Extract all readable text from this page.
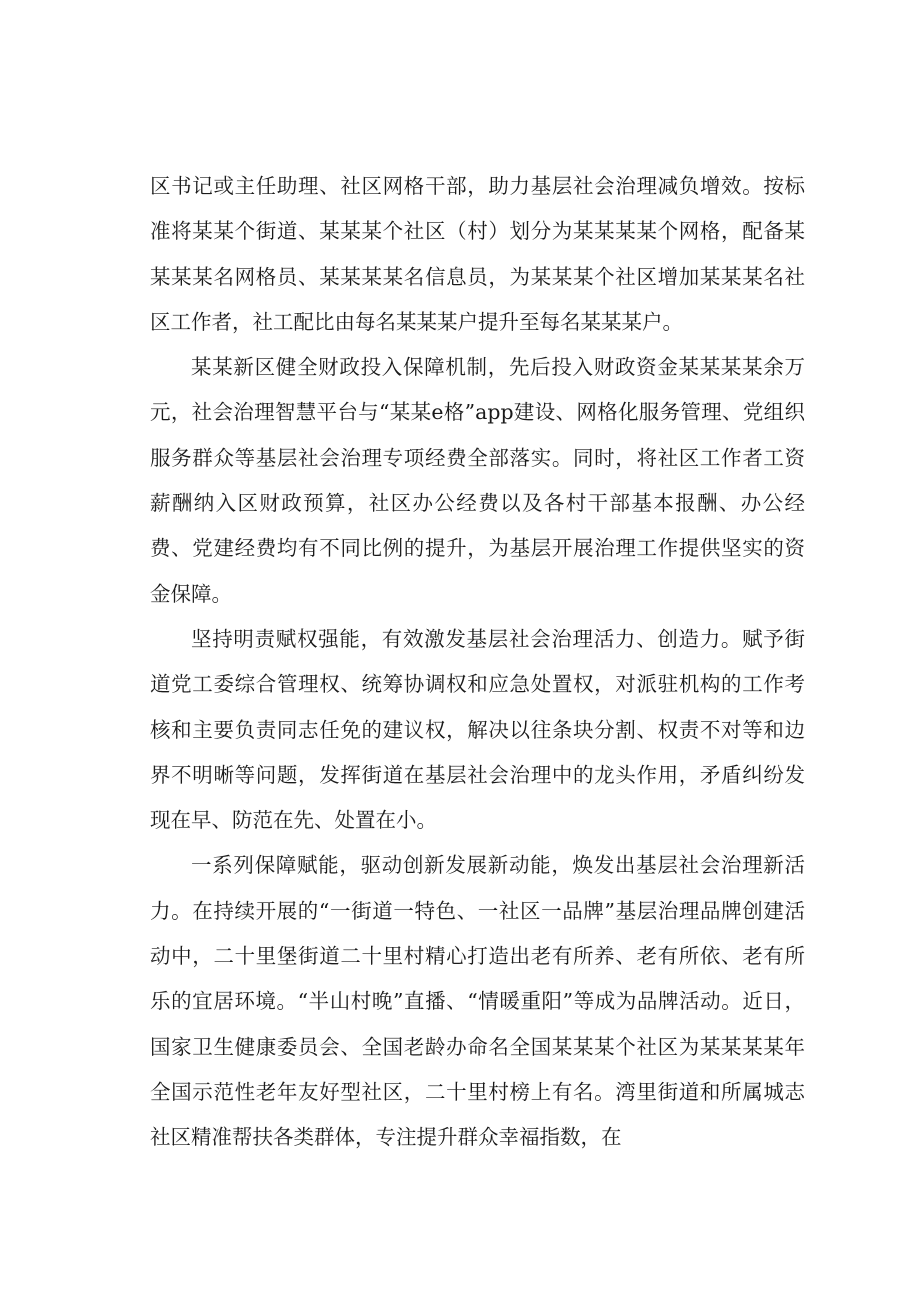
区书记或主任助理、社区网格干部，助力基层社会治理减负增效。按标准将某某个街道、某某某个社区（村）划分为某某某某个网格，配备某某某某名网格员、某某某某名信息员，为某某某个社区增加某某某名社区工作者，社工配比由每名某某某户提升至每名某某某户。

某某新区健全财政投入保障机制，先后投入财政资金某某某某余万元，社会治理智慧平台与“某某e格”app建设、网格化服务管理、党组织服务群众等基层社会治理专项经费全部落实。同时，将社区工作者工资薪酬纳入区财政预算，社区办公经费以及各村干部基本报酬、办公经费、党建经费均有不同比例的提升，为基层开展治理工作提供坚实的资金保障。

坚持明责赋权强能，有效激发基层社会治理活力、创造力。赋予街道党工委综合管理权、统筹协调权和应急处置权，对派驻机构的工作考核和主要负责同志任免的建议权，解决以往条块分割、权责不对等和边界不明晰等问题，发挥街道在基层社会治理中的龙头作用，矛盾纠纷发现在早、防范在先、处置在小。

一系列保障赋能，驱动创新发展新动能，焕发出基层社会治理新活力。在持续开展的“一街道一特色、一社区一品牌”基层治理品牌创建活动中，二十里堡街道二十里村精心打造出老有所养、老有所依、老有所乐的宜居环境。“半山村晚”直播、“情暖重阳”等成为品牌活动。近日，国家卫生健康委员会、全国老龄办命名全国某某某个社区为某某某某年全国示范性老年友好型社区，二十里村榜上有名。湾里街道和所属城志社区精准帮扶各类群体，专注提升群众幸福指数，在
